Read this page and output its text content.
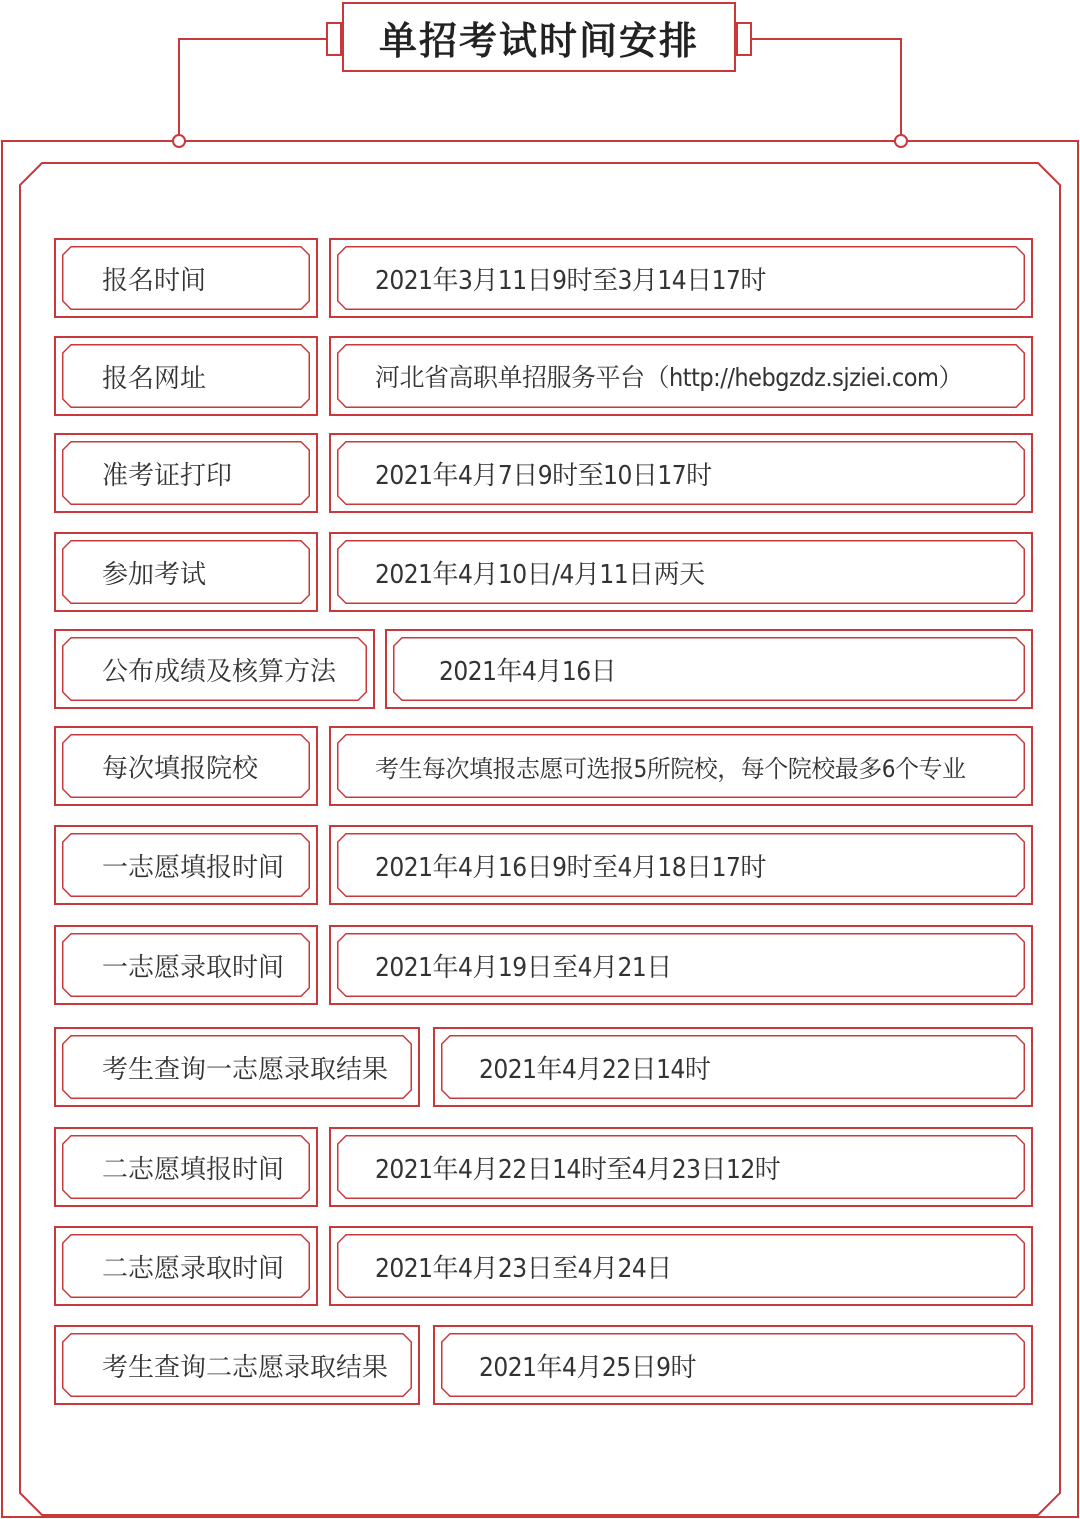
单招考试时间安排
报名时间	2021年3月11日9时至3月14日17时
报名网址	河北省高职单招服务平台（http://hebgzdz.sjziei.com）
准考证打印	2021年4月7日9时至10日17时
参加考试	2021年4月10日/4月11日两天
公布成绩及核算方法	2021年4月16日
每次填报院校	考生每次填报志愿可选报5所院校，每个院校最多6个专业
一志愿填报时间	2021年4月16日9时至4月18日17时
一志愿录取时间	2021年4月19日至4月21日
考生查询一志愿录取结果	2021年4月22日14时
二志愿填报时间	2021年4月22日14时至4月23日12时
二志愿录取时间	2021年4月23日至4月24日
考生查询二志愿录取结果	2021年4月25日9时
